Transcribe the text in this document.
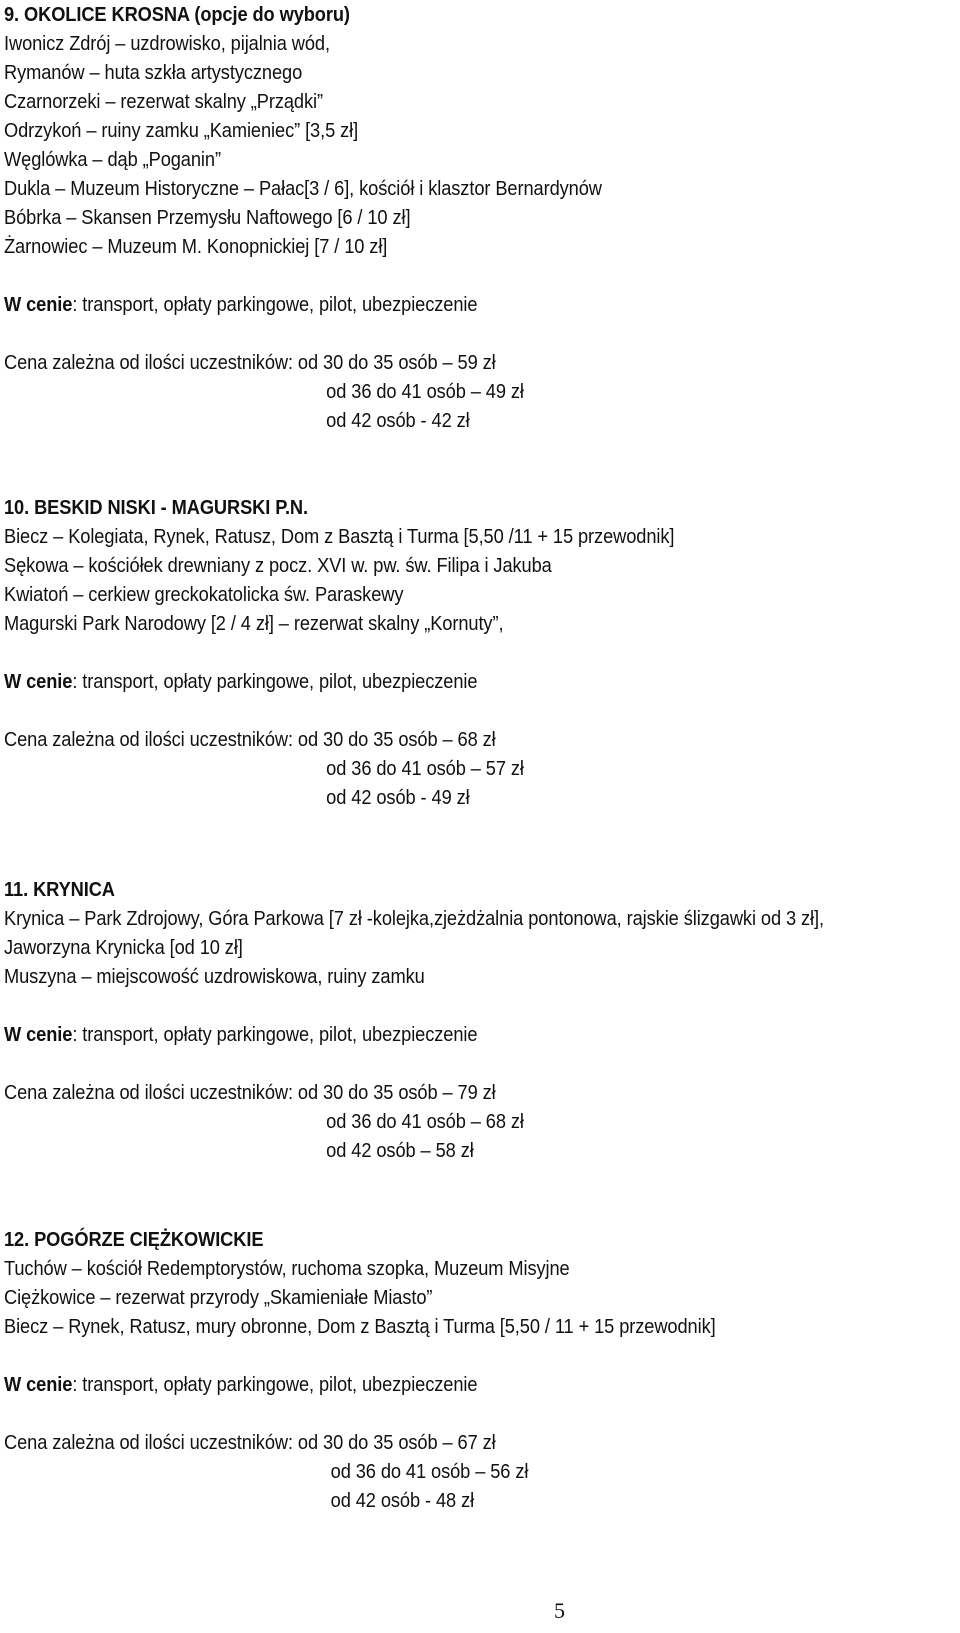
9. OKOLICE KROSNA (opcje do wyboru)
Iwonicz Zdrój – uzdrowisko, pijalnia wód,
Rymanów – huta szkła artystycznego
Czarnorzeki – rezerwat skalny „Prządki”
Odrzykoń – ruiny zamku „Kamieniec” [3,5 zł]
Węglówka – dąb „Poganin”
Dukla – Muzeum Historyczne – Pałac[3 / 6], kościół i klasztor Bernardynów
Bóbrka – Skansen Przemysłu Naftowego [6 / 10 zł]
Żarnowiec – Muzeum M. Konopnickiej [7 / 10 zł]
W cenie: transport, opłaty parkingowe, pilot, ubezpieczenie
Cena zależna od ilości uczestników: od 30 do 35 osób – 59 zł
od 36 do 41 osób – 49 zł
od 42 osób - 42 zł
10. BESKID NISKI - MAGURSKI P.N.
Biecz – Kolegiata, Rynek, Ratusz, Dom z Basztą i Turma [5,50 /11 + 15 przewodnik]
Sękowa – kościółek drewniany z pocz. XVI w. pw. św. Filipa i Jakuba
Kwiatoń – cerkiew greckokatolicka św. Paraskewy
Magurski Park Narodowy [2 / 4 zł] – rezerwat skalny „Kornuty”,
W cenie: transport, opłaty parkingowe, pilot, ubezpieczenie
Cena zależna od ilości uczestników: od 30 do 35 osób – 68 zł
od 36 do 41 osób – 57 zł
od 42 osób - 49 zł
11. KRYNICA
Krynica – Park Zdrojowy, Góra Parkowa [7 zł -kolejka,zjeżdżalnia pontonowa, rajskie ślizgawki od 3 zł],
Jaworzyna Krynicka [od 10 zł]
Muszyna – miejscowość uzdrowiskowa, ruiny zamku
W cenie: transport, opłaty parkingowe, pilot, ubezpieczenie
Cena zależna od ilości uczestników: od 30 do 35 osób – 79 zł
od 36 do 41 osób – 68 zł
od 42 osób – 58 zł
12. POGÓRZE CIĘŻKOWICKIE
Tuchów – kościół Redemptorystów, ruchoma szopka, Muzeum Misyjne
Ciężkowice – rezerwat przyrody „Skamieniałe Miasto”
Biecz – Rynek, Ratusz, mury obronne, Dom z Basztą i Turma [5,50 / 11 + 15 przewodnik]
W cenie: transport, opłaty parkingowe, pilot, ubezpieczenie
Cena zależna od ilości uczestników: od 30 do 35 osób – 67 zł
od 36 do 41 osób – 56 zł
od 42 osób - 48 zł
5
